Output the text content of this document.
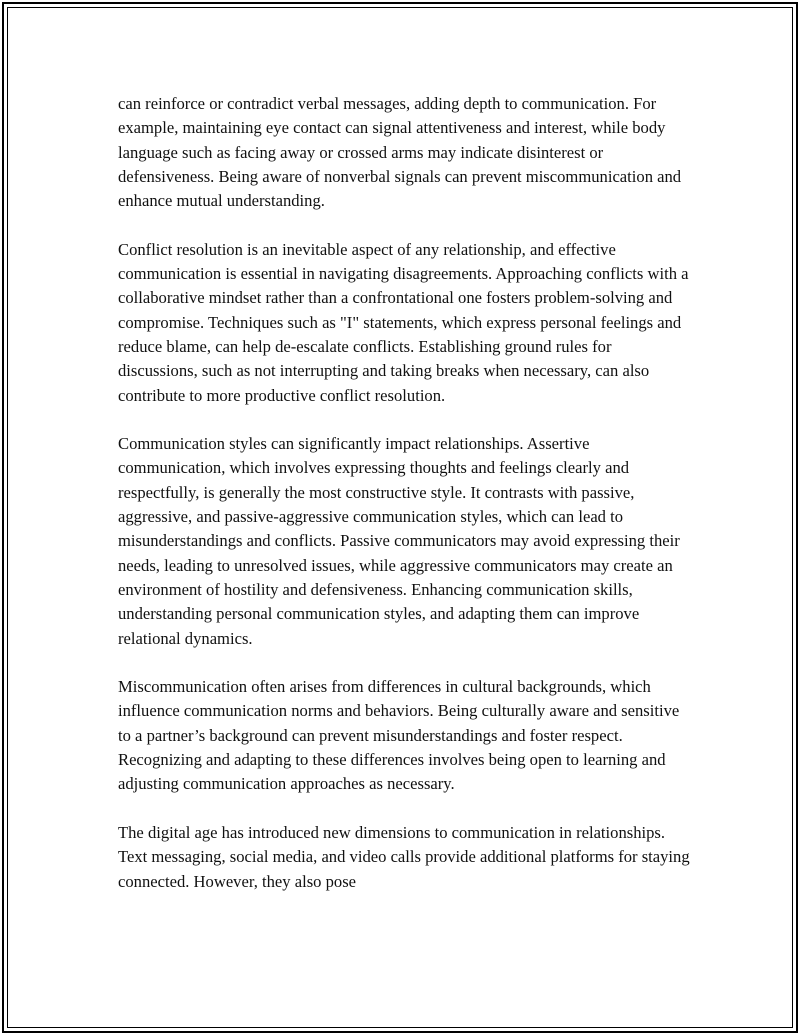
can reinforce or contradict verbal messages, adding depth to communication. For example, maintaining eye contact can signal attentiveness and interest, while body language such as facing away or crossed arms may indicate disinterest or defensiveness. Being aware of nonverbal signals can prevent miscommunication and enhance mutual understanding.

Conflict resolution is an inevitable aspect of any relationship, and effective communication is essential in navigating disagreements. Approaching conflicts with a collaborative mindset rather than a confrontational one fosters problem-solving and compromise. Techniques such as "I" statements, which express personal feelings and reduce blame, can help de-escalate conflicts. Establishing ground rules for discussions, such as not interrupting and taking breaks when necessary, can also contribute to more productive conflict resolution.

Communication styles can significantly impact relationships. Assertive communication, which involves expressing thoughts and feelings clearly and respectfully, is generally the most constructive style. It contrasts with passive, aggressive, and passive-aggressive communication styles, which can lead to misunderstandings and conflicts. Passive communicators may avoid expressing their needs, leading to unresolved issues, while aggressive communicators may create an environment of hostility and defensiveness. Enhancing communication skills, understanding personal communication styles, and adapting them can improve relational dynamics.

Miscommunication often arises from differences in cultural backgrounds, which influence communication norms and behaviors. Being culturally aware and sensitive to a partner’s background can prevent misunderstandings and foster respect. Recognizing and adapting to these differences involves being open to learning and adjusting communication approaches as necessary.

The digital age has introduced new dimensions to communication in relationships. Text messaging, social media, and video calls provide additional platforms for staying connected. However, they also pose
